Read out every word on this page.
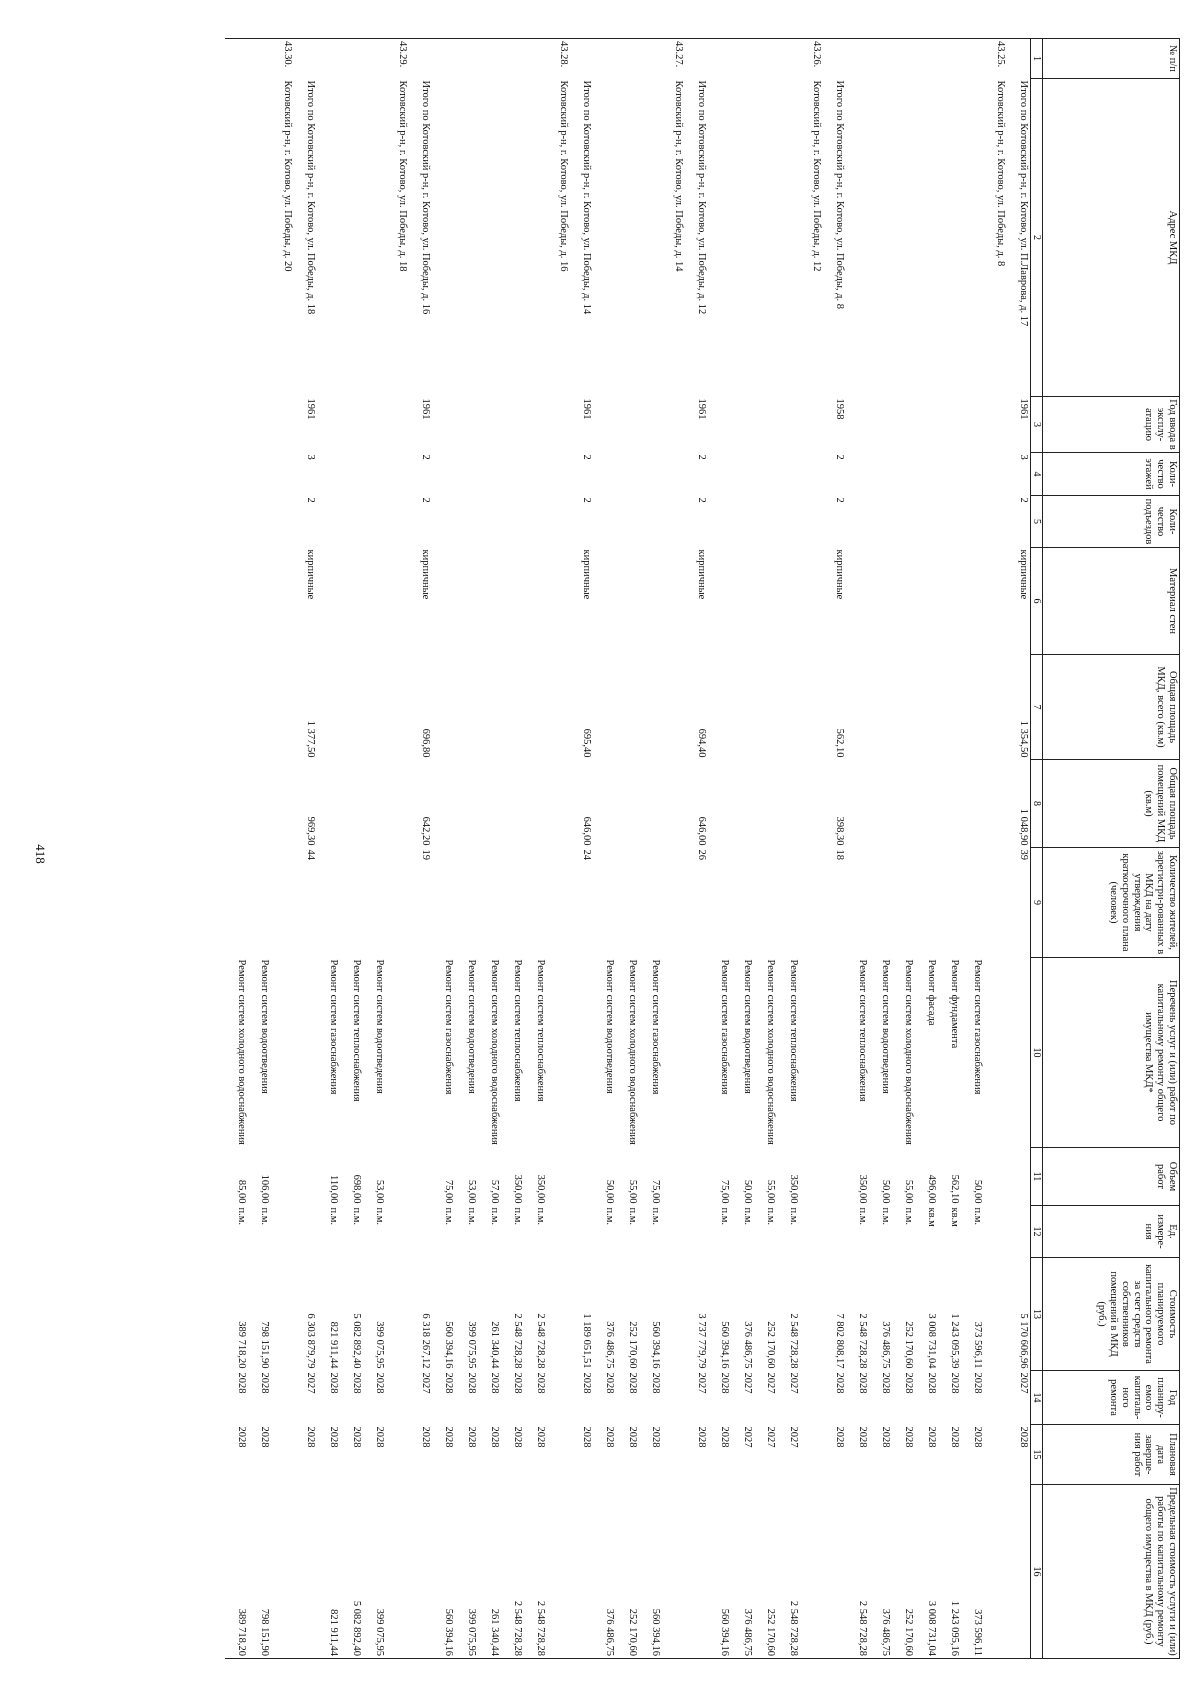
418
№ п/п	Адрес МКД	Год ввода в эксплу-атацию	Коли-чество этажей	Коли-чество подъездов	Материал стен	Общая площадь МКД, всего (кв.м)	Общая площадь помещений МКД (кв.м)	Количество жителей, зарегистри-рованных в МКД на дату утверждения краткосрочного плана (человек)	Перечень услуг и (или) работ по капитальному ремонту общего имущества МКД*	Объем работ	Ед. измере-ния	Стоимость планируемого капитального ремонта за счет средств собственников помещений в МКД (руб.)	Год планиру-емого капиталь-ного ремонта	Плановая дата заверше-ния работ	Предельная стоимость услуги и (или) работы по капитальному ремонту общего имущества в МКД (руб.)
1	2	3	4	5	6	7	8	9	10	11	12	13	14	15	16
	Итого по Котовский р-н, г. Котово, ул. П.Лаврова, д. 17	1961	3	2	кирпичные	1 354,50	1 048,90	39				5 170 606,96	2027	2028	
43.25.	Котовский р-н, г. Котово, ул. Победы, д. 8														
									Ремонт систем газоснабжения	50,00	п.м.	373 596,11	2028	2028	373 596,11
									Ремонт фундамента	562,10	кв.м	1 243 095,39	2028	2028	1 243 095,16
									Ремонт фасада	496,00	кв.м	3 008 731,04	2028	2028	3 008 731,04
									Ремонт систем холодного водоснабжения	55,00	п.м.	252 170,60	2028	2028	252 170,60
									Ремонт систем водоотведения	50,00	п.м.	376 486,75	2028	2028	376 486,75
									Ремонт систем теплоснабжения	350,00	п.м.	2 548 728,28	2028	2028	2 548 728,28
	Итого по Котовский р-н, г. Котово, ул. Победы, д. 8	1958	2	2	кирпичные	562,10	398,30	18				7 802 808,17	2028	2028	
43.26.	Котовский р-н, г. Котово, ул. Победы, д. 12														
									Ремонт систем теплоснабжения	350,00	п.м.	2 548 728,28	2027	2027	2 548 728,28
									Ремонт систем холодного водоснабжения	55,00	п.м.	252 170,60	2027	2027	252 170,60
									Ремонт систем водоотведения	50,00	п.м.	376 486,75	2027	2027	376 486,75
									Ремонт систем газоснабжения	75,00	п.м.	560 394,16	2028	2028	560 394,16
	Итого по Котовский р-н, г. Котово, ул. Победы, д. 12	1961	2	2	кирпичные	694,40	646,00	26				3 737 779,79	2027	2028	
43.27.	Котовский р-н, г. Котово, ул. Победы, д. 14														
									Ремонт систем газоснабжения	75,00	п.м.	560 394,16	2028	2028	560 394,16
									Ремонт систем холодного водоснабжения	55,00	п.м.	252 170,60	2028	2028	252 170,60
									Ремонт систем водоотведения	50,00	п.м.	376 486,75	2028	2028	376 486,75
	Итого по Котовский р-н, г. Котово, ул. Победы, д. 14	1961	2	2	кирпичные	695,40	646,00	24				1 189 051,51	2028	2028	
43.28.	Котовский р-н, г. Котово, ул. Победы, д. 16														
									Ремонт систем теплоснабжения	350,00	п.м.	2 548 728,28	2028	2028	2 548 728,28
									Ремонт систем теплоснабжения	350,00	п.м.	2 548 728,28	2028	2028	2 548 728,28
									Ремонт систем холодного водоснабжения	57,00	п.м.	261 340,44	2028	2028	261 340,44
									Ремонт систем водоотведения	53,00	п.м.	399 075,95	2028	2028	399 075,95
									Ремонт систем газоснабжения	75,00	п.м.	560 394,16	2028	2028	560 394,16
	Итого по Котовский р-н, г. Котово, ул. Победы, д. 16	1961	2	2	кирпичные	696,80	642,20	19				6 318 267,12	2027	2028	
43.29.	Котовский р-н, г. Котово, ул. Победы, д. 18														
									Ремонт систем водоотведения	53,00	п.м.	399 075,95	2028	2028	399 075,95
									Ремонт систем теплоснабжения	698,00	п.м.	5 082 892,40	2028	2028	5 082 892,40
									Ремонт систем газоснабжения	110,00	п.м.	821 911,44	2028	2028	821 911,44
	Итого по Котовский р-н, г. Котово, ул. Победы, д. 18	1961	3	2	кирпичные	1 377,50	969,30	44				6 303 879,79	2027	2028	
43.30.	Котовский р-н, г. Котово, ул. Победы, д. 20														
									Ремонт систем водоотведения	106,00	п.м.	798 151,90	2028	2028	798 151,90
									Ремонт систем холодного водоснабжения	85,00	п.м.	389 718,20	2028	2028	389 718,20
